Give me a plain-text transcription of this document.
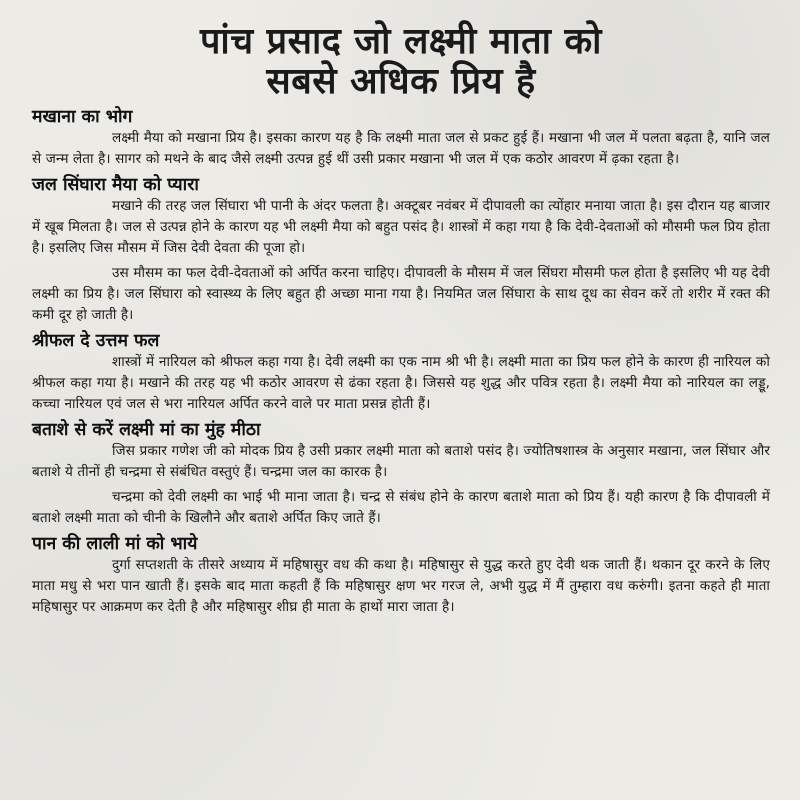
पांच प्रसाद जो लक्ष्मी माता को
सबसे अधिक प्रिय है
मखाना का भोग

लक्ष्मी मैया को मखाना प्रिय है। इसका कारण यह है कि लक्ष्मी माता जल से प्रकट हुई हैं। मखाना भी जल में पलता बढ़ता है, यानि जल से जन्म लेता है। सागर को मथने के बाद जैसे लक्ष्मी उत्पन्न हुई थीं उसी प्रकार मखाना भी जल में एक कठोर आवरण में ढ़का रहता है।

जल सिंघारा मैया को प्यारा

मखाने की तरह जल सिंघारा भी पानी के अंदर फलता है। अक्टूबर नवंबर में दीपावली का त्योंहार मनाया जाता है। इस दौरान यह बाजार में खूब मिलता है। जल से उत्पन्न होने के कारण यह भी लक्ष्मी मैया को बहुत पसंद है। शास्त्रों में कहा गया है कि देवी-देवताओं को मौसमी फल प्रिय होता है। इसलिए जिस मौसम में जिस देवी देवता की पूजा हो।

उस मौसम का फल देवी-देवताओं को अर्पित करना चाहिए। दीपावली के मौसम में जल सिंघरा मौसमी फल होता है इसलिए भी यह देवी लक्ष्मी का प्रिय है। जल सिंघारा को स्वास्थ्य के लिए बहुत ही अच्छा माना गया है। नियमित जल सिंघारा के साथ दूध का सेवन करें तो शरीर में रक्त की कमी दूर हो जाती है।

श्रीफल दे उत्तम फल

शास्त्रों में नारियल को श्रीफल कहा गया है। देवी लक्ष्मी का एक नाम श्री भी है। लक्ष्मी माता का प्रिय फल होने के कारण ही नारियल को श्रीफल कहा गया है। मखाने की तरह यह भी कठोर आवरण से ढंका रहता है। जिससे यह शुद्ध और पवित्र रहता है। लक्ष्मी मैया को नारियल का लड्डू, कच्चा नारियल एवं जल से भरा नारियल अर्पित करने वाले पर माता प्रसन्न होती हैं।

बताशे से करें लक्ष्मी मां का मुंह मीठा

जिस प्रकार गणेश जी को मोदक प्रिय है उसी प्रकार लक्ष्मी माता को बताशे पसंद है। ज्योतिषशास्त्र के अनुसार मखाना, जल सिंघार और बताशे ये तीनों ही चन्द्रमा से संबंधित वस्तुएं हैं। चन्द्रमा जल का कारक है।

चन्द्रमा को देवी लक्ष्मी का भाई भी माना जाता है। चन्द्र से संबंध होने के कारण बताशे माता को प्रिय हैं। यही कारण है कि दीपावली में बताशे लक्ष्मी माता को चीनी के खिलौने और बताशे अर्पित किए जाते हैं।

पान की लाली मां को भाये

दुर्गा सप्तशती के तीसरे अध्याय में महिषासुर वध की कथा है। महिषासुर से युद्ध करते हुए देवी थक जाती हैं। थकान दूर करने के लिए माता मधु से भरा पान खाती हैं। इसके बाद माता कहती हैं कि महिषासुर क्षण भर गरज ले, अभी युद्ध में मैं तुम्हारा वध करुंगी। इतना कहते ही माता महिषासुर पर आक्रमण कर देती है और महिषासुर शीघ्र ही माता के हाथों मारा जाता है।
